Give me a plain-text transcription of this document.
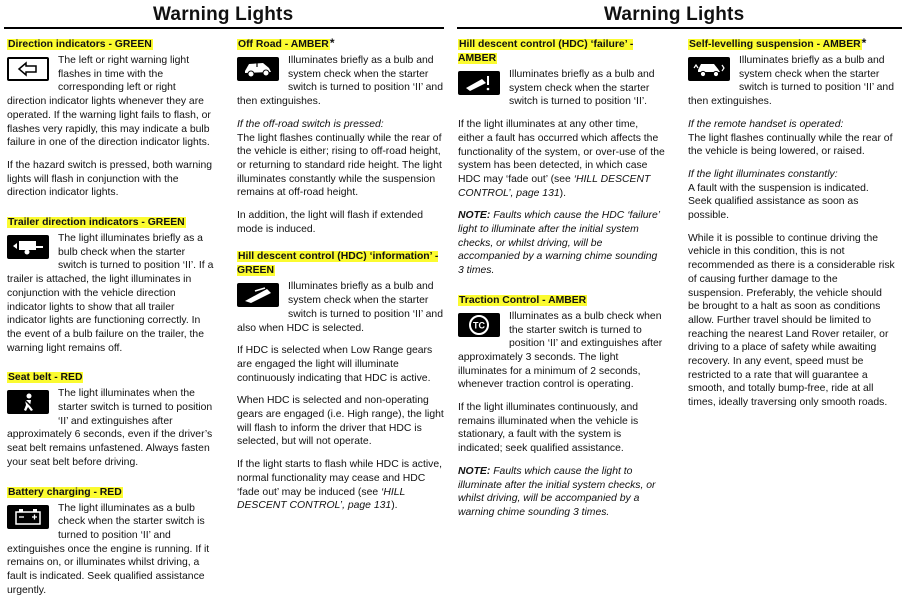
Warning Lights	Warning Lights
Direction indicators - GREEN

The left or right warning light flashes in time with the corresponding left or right direction indicator lights whenever they are operated. If the warning light fails to flash, or flashes very rapidly, this may indicate a bulb failure in one of the direction indicator lights.

If the hazard switch is pressed, both warning lights will flash in conjunction with the direction indicator lights.

Trailer direction indicators - GREEN

The light illuminates briefly as a bulb check when the starter switch is turned to position ‘II’. If a trailer is attached, the light illuminates in conjunction with the vehicle direction indicator lights to show that all trailer indicator lights are functioning correctly. In the event of a bulb failure on the trailer, the warning light remains off.

Seat belt - RED

The light illuminates when the starter switch is turned to position ‘II’ and extinguishes after approximately 6 seconds, even if the driver’s seat belt remains unfastened. Always fasten your seat belt before driving.

Battery charging - RED

The light illuminates as a bulb check when the starter switch is turned to position ‘II’ and extinguishes once the engine is running. If it remains on, or illuminates whilst driving, a fault is indicated. Seek qualified assistance urgently.

Off Road - AMBER*

Illuminates briefly as a bulb and system check when the starter switch is turned to position ‘II’ and then extinguishes.

If the off-road switch is pressed:

The light flashes continually while the rear of the vehicle is either; rising to off-road height, or returning to standard ride height. The light illuminates constantly while the suspension remains at off-road height.

In addition, the light will flash if extended mode is induced.

Hill descent control (HDC) ‘information’ - GREEN

Illuminates briefly as a bulb and system check when the starter switch is turned to position ‘II’ and also when HDC is selected.

If HDC is selected when Low Range gears are engaged the light will illuminate continuously indicating that HDC is active.

When HDC is selected and non-operating gears are engaged (i.e. High range), the light will flash to inform the driver that HDC is selected, but will not operate.

If the light starts to flash while HDC is active, normal functionality may cease and HDC ‘fade out’ may be induced (see ‘HILL DESCENT CONTROL’, page 131).

Hill descent control (HDC) ‘failure’ - AMBER

Illuminates briefly as a bulb and system check when the starter switch is turned to position ‘II’.

If the light illuminates at any other time, either a fault has occurred which affects the functionality of the system, or over-use of the system has been detected, in which case HDC may ‘fade out’ (see ‘HILL DESCENT CONTROL’, page 131).

NOTE: Faults which cause the HDC ‘failure’ light to illuminate after the initial system checks, or whilst driving, will be accompanied by a warning chime sounding 3 times.

Traction Control - AMBER
TC

Illuminates as a bulb check when the starter switch is turned to position ‘II’ and extinguishes after approximately 3 seconds. The light illuminates for a minimum of 2 seconds, whenever traction control is operating.

If the light illuminates continuously, and remains illuminated when the vehicle is stationary, a fault with the system is indicated; seek qualified assistance.

NOTE: Faults which cause the light to illuminate after the initial system checks, or whilst driving, will be accompanied by a warning chime sounding 3 times.

Self-levelling suspension - AMBER*

Illuminates briefly as a bulb and system check when the starter switch is turned to position ‘II’ and then extinguishes.

If the remote handset is operated:

The light flashes continually while the rear of the vehicle is being lowered, or raised.

If the light illuminates constantly:

A fault with the suspension is indicated. Seek qualified assistance as soon as possible.

While it is possible to continue driving the vehicle in this condition, this is not recommended as there is a considerable risk of causing further damage to the suspension. Preferably, the vehicle should be brought to a halt as soon as conditions allow. Further travel should be limited to reaching the nearest Land Rover retailer, or driving to a place of safety while awaiting recovery. In any event, speed must be restricted to a rate that will guarantee a smooth, and totally bump-free, ride at all times, ideally traversing only smooth roads.
